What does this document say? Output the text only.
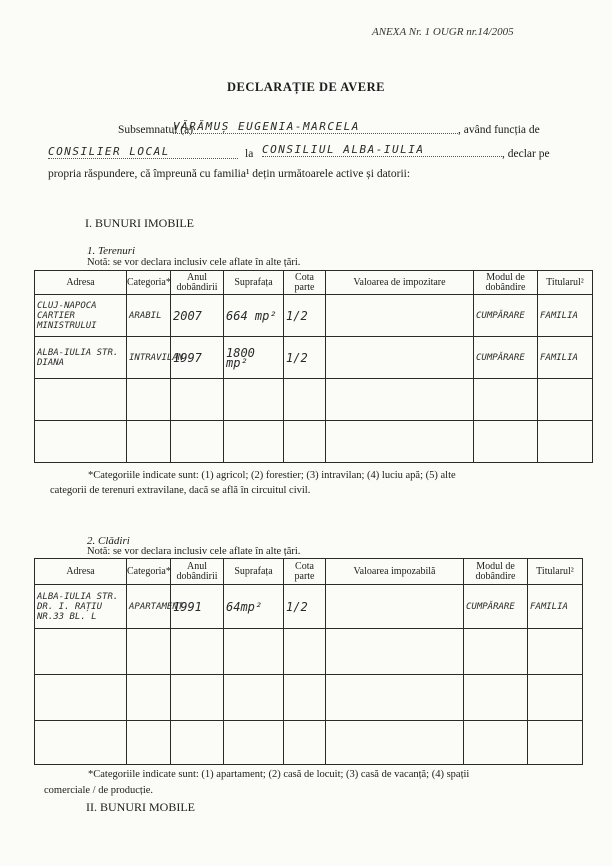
ANEXA Nr. 1 OUGR nr.14/2005
DECLARAȚIE DE AVERE
Subsemnatul (a)
VĂRĂMUȘ EUGENIA-MARCELA	, având funcția de
CONSILIER LOCAL	la CONSILIUL ALBA-IULIA	, declar pe
propria răspundere, că împreună cu familia¹ dețin următoarele active și datorii:
I. BUNURI IMOBILE
1. Terenuri
Notă: se vor declara inclusiv cele aflate în alte țări.
Adresa	Categoria*	Anul dobândirii	Suprafața	Cota parte	Valoarea de impozitare	Modul de dobândire	Titularul²
CLUJ-NAPOCA CARTIER MINISTRULUI	ARABIL	2007	664 mp²	1/2		CUMPĂRARE	FAMILIA
ALBA-IULIA STR. DIANA	INTRAVILAN	1997	1800 mp²	1/2		CUMPĂRARE	FAMILIA

*Categoriile indicate sunt: (1) agricol; (2) forestier; (3) intravilan; (4) luciu apă; (5) alte
categorii de terenuri extravilane, dacă se află în circuitul civil.
2. Clădiri
Notă: se vor declara inclusiv cele aflate în alte țări.
Adresa	Categoria*	Anul dobândirii	Suprafața	Cota parte	Valoarea impozabilă	Modul de dobândire	Titularul²
ALBA-IULIA STR. DR. I. RAȚIU NR.33 BL. L	APARTAMENT	1991	64mp²	1/2		CUMPĂRARE	FAMILIA

*Categoriile indicate sunt: (1) apartament; (2) casă de locuit; (3) casă de vacanță; (4) spații
comerciale / de producție.
II. BUNURI MOBILE
